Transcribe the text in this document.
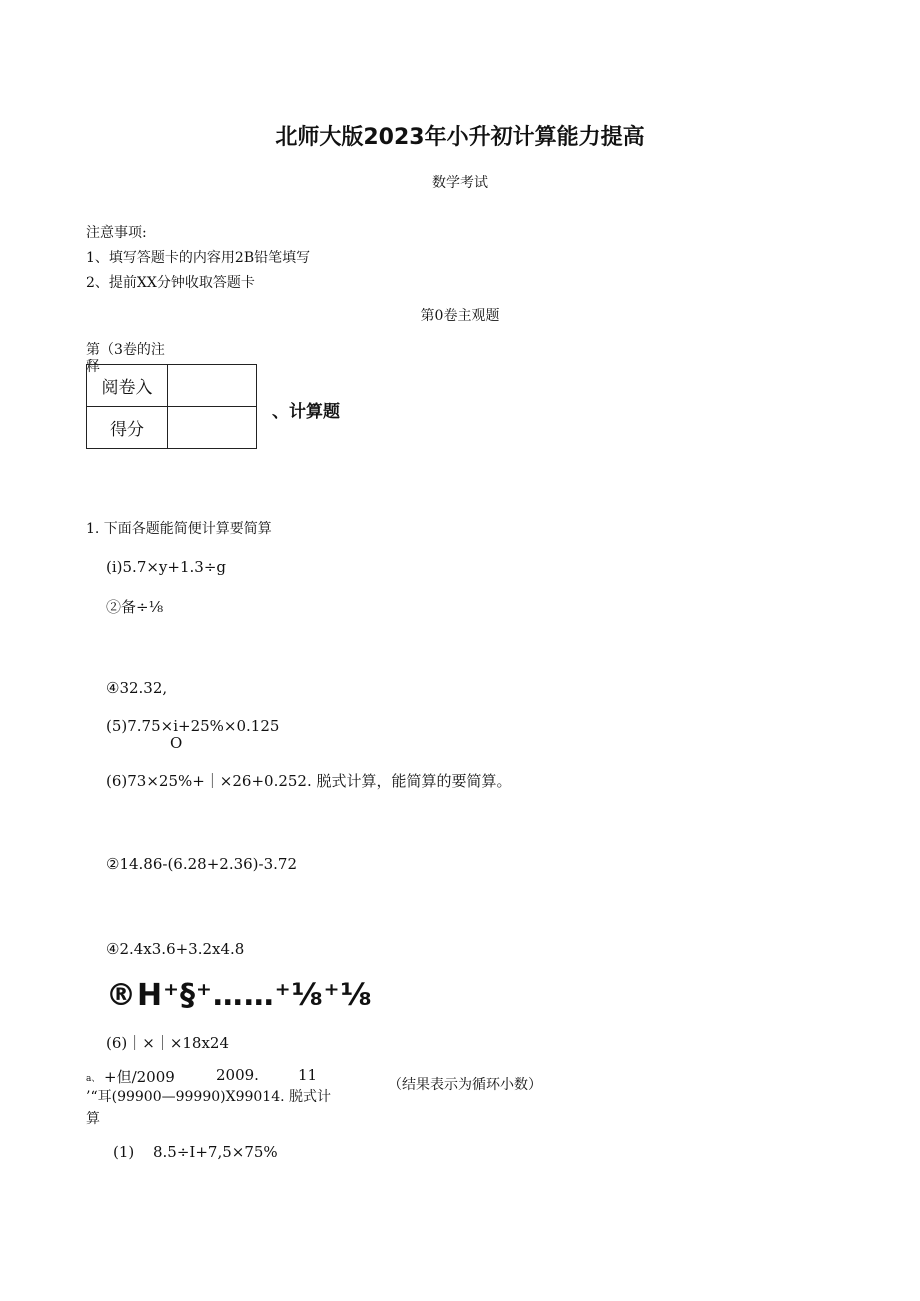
北师大版2023年小升初计算能力提高
数学考试
注意事项:
1、填写答题卡的内容用2B铅笔填写
2、提前XX分钟收取答题卡
第0卷主观题
第（3卷的注
释
阅卷入	
得分	
、计算题
1. 下面各题能简便计算要简算
(i)5.7×y+1.3÷g
②备÷⅛
④32.32,
(5)7.75×i+25%×0.125
O
(6)73×25%+｜×26+0.252. 脱式计算，能简算的要简算。
②14.86-(6.28+2.36)-3.72
④2.4x3.6+3.2x4.8
®H⁺§⁺……⁺⅛⁺⅛
(6)｜×｜×18x24
a、 +但/2009	2009.	11
（结果表示为循环小数）
’“耳(99900—99990)X99014. 脱式计
算
(1) 8.5÷I+7,5×75%
